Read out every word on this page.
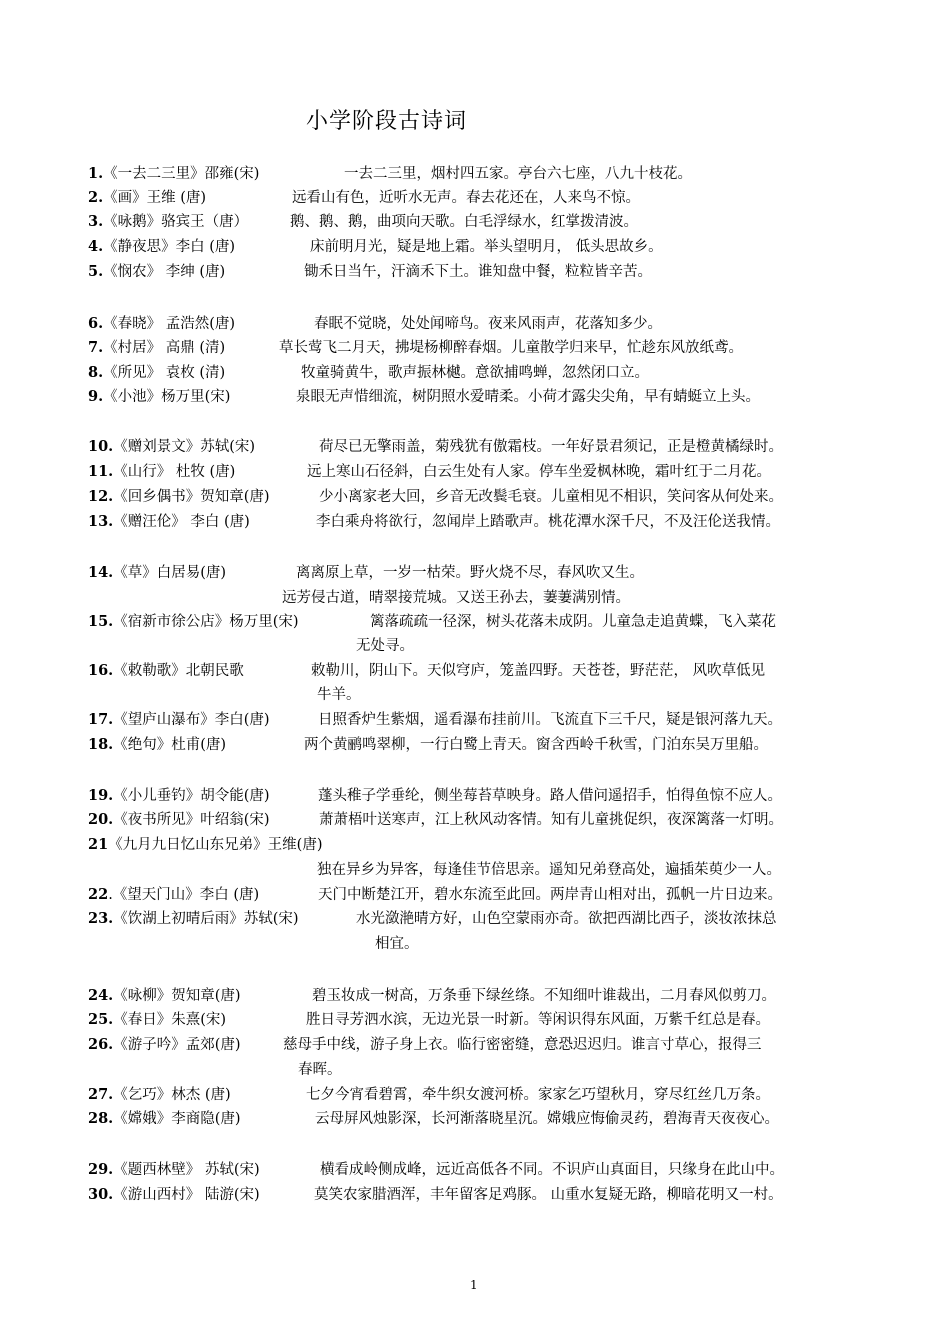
小学阶段古诗词
1.《一去二三里》邵雍(宋)	一去二三里，烟村四五家。亭台六七座，八九十枝花。
2.《画》王维 (唐)	远看山有色，近听水无声。春去花还在，人来鸟不惊。
3.《咏鹅》骆宾王（唐）	鹅、鹅、鹅，曲项向天歌。白毛浮绿水，红掌拨清波。
4.《静夜思》李白 (唐)	床前明月光，疑是地上霜。举头望明月， 低头思故乡。
5.《悯农》 李绅 (唐)	锄禾日当午，汗滴禾下土。谁知盘中餐，粒粒皆辛苦。
6.《春晓》 孟浩然(唐)	春眠不觉晓，处处闻啼鸟。夜来风雨声，花落知多少。
7.《村居》 高鼎 (清)	草长莺飞二月天，拂堤杨柳醉春烟。儿童散学归来早，忙趁东风放纸鸢。
8.《所见》 袁枚 (清)	牧童骑黄牛，歌声振林樾。意欲捕鸣蝉，忽然闭口立。
9.《小池》杨万里(宋)	泉眼无声惜细流，树阴照水爱晴柔。小荷才露尖尖角，早有蜻蜓立上头。
10.《赠刘景文》苏轼(宋)	荷尽已无擎雨盖，菊残犹有傲霜枝。一年好景君须记，正是橙黄橘绿时。
11.《山行》 杜牧 (唐)	远上寒山石径斜，白云生处有人家。停车坐爱枫林晚，霜叶红于二月花。
12.《回乡偶书》贺知章(唐)	少小离家老大回，乡音无改鬓毛衰。儿童相见不相识，笑问客从何处来。
13.《赠汪伦》 李白 (唐)	李白乘舟将欲行，忽闻岸上踏歌声。桃花潭水深千尺，不及汪伦送我情。
14.《草》白居易(唐)	离离原上草，一岁一枯荣。野火烧不尽，春风吹又生。
远芳侵古道，晴翠接荒城。又送王孙去，萋萋满别情。
15.《宿新市徐公店》杨万里(宋)	篱落疏疏一径深，树头花落未成阴。儿童急走追黄蝶，飞入菜花
无处寻。
16.《敕勒歌》北朝民歌	敕勒川，阴山下。天似穹庐，笼盖四野。天苍苍，野茫茫， 风吹草低见
牛羊。
17.《望庐山瀑布》李白(唐)	日照香炉生紫烟，遥看瀑布挂前川。飞流直下三千尺，疑是银河落九天。
18.《绝句》杜甫(唐)	两个黄鹂鸣翠柳，一行白鹭上青天。窗含西岭千秋雪，门泊东吴万里船。
19.《小儿垂钓》胡令能(唐)	蓬头稚子学垂纶，侧坐莓苔草映身。路人借问遥招手，怕得鱼惊不应人。
20.《夜书所见》叶绍翁(宋)	萧萧梧叶送寒声，江上秋风动客情。知有儿童挑促织，夜深篱落一灯明。
21《九月九日忆山东兄弟》王维(唐)
独在异乡为异客，每逢佳节倍思亲。遥知兄弟登高处，遍插茱萸少一人。
22.《望天门山》李白 (唐)	天门中断楚江开，碧水东流至此回。两岸青山相对出，孤帆一片日边来。
23.《饮湖上初晴后雨》苏轼(宋)	水光潋滟晴方好，山色空蒙雨亦奇。欲把西湖比西子，淡妆浓抹总
相宜。
24.《咏柳》贺知章(唐)	碧玉妆成一树高，万条垂下绿丝绦。不知细叶谁裁出，二月春风似剪刀。
25.《春日》朱熹(宋)	胜日寻芳泗水滨，无边光景一时新。等闲识得东风面，万紫千红总是春。
26.《游子吟》孟郊(唐)	慈母手中线，游子身上衣。临行密密缝，意恐迟迟归。谁言寸草心，报得三
春晖。
27.《乞巧》林杰 (唐)	七夕今宵看碧霄，牵牛织女渡河桥。家家乞巧望秋月，穿尽红丝几万条。
28.《嫦娥》李商隐(唐)	云母屏风烛影深，长河渐落晓星沉。嫦娥应悔偷灵药，碧海青天夜夜心。
29.《题西林壁》 苏轼(宋)	横看成岭侧成峰，远近高低各不同。不识庐山真面目，只缘身在此山中。
30.《游山西村》 陆游(宋)	莫笑农家腊酒浑，丰年留客足鸡豚。 山重水复疑无路，柳暗花明又一村。
1
